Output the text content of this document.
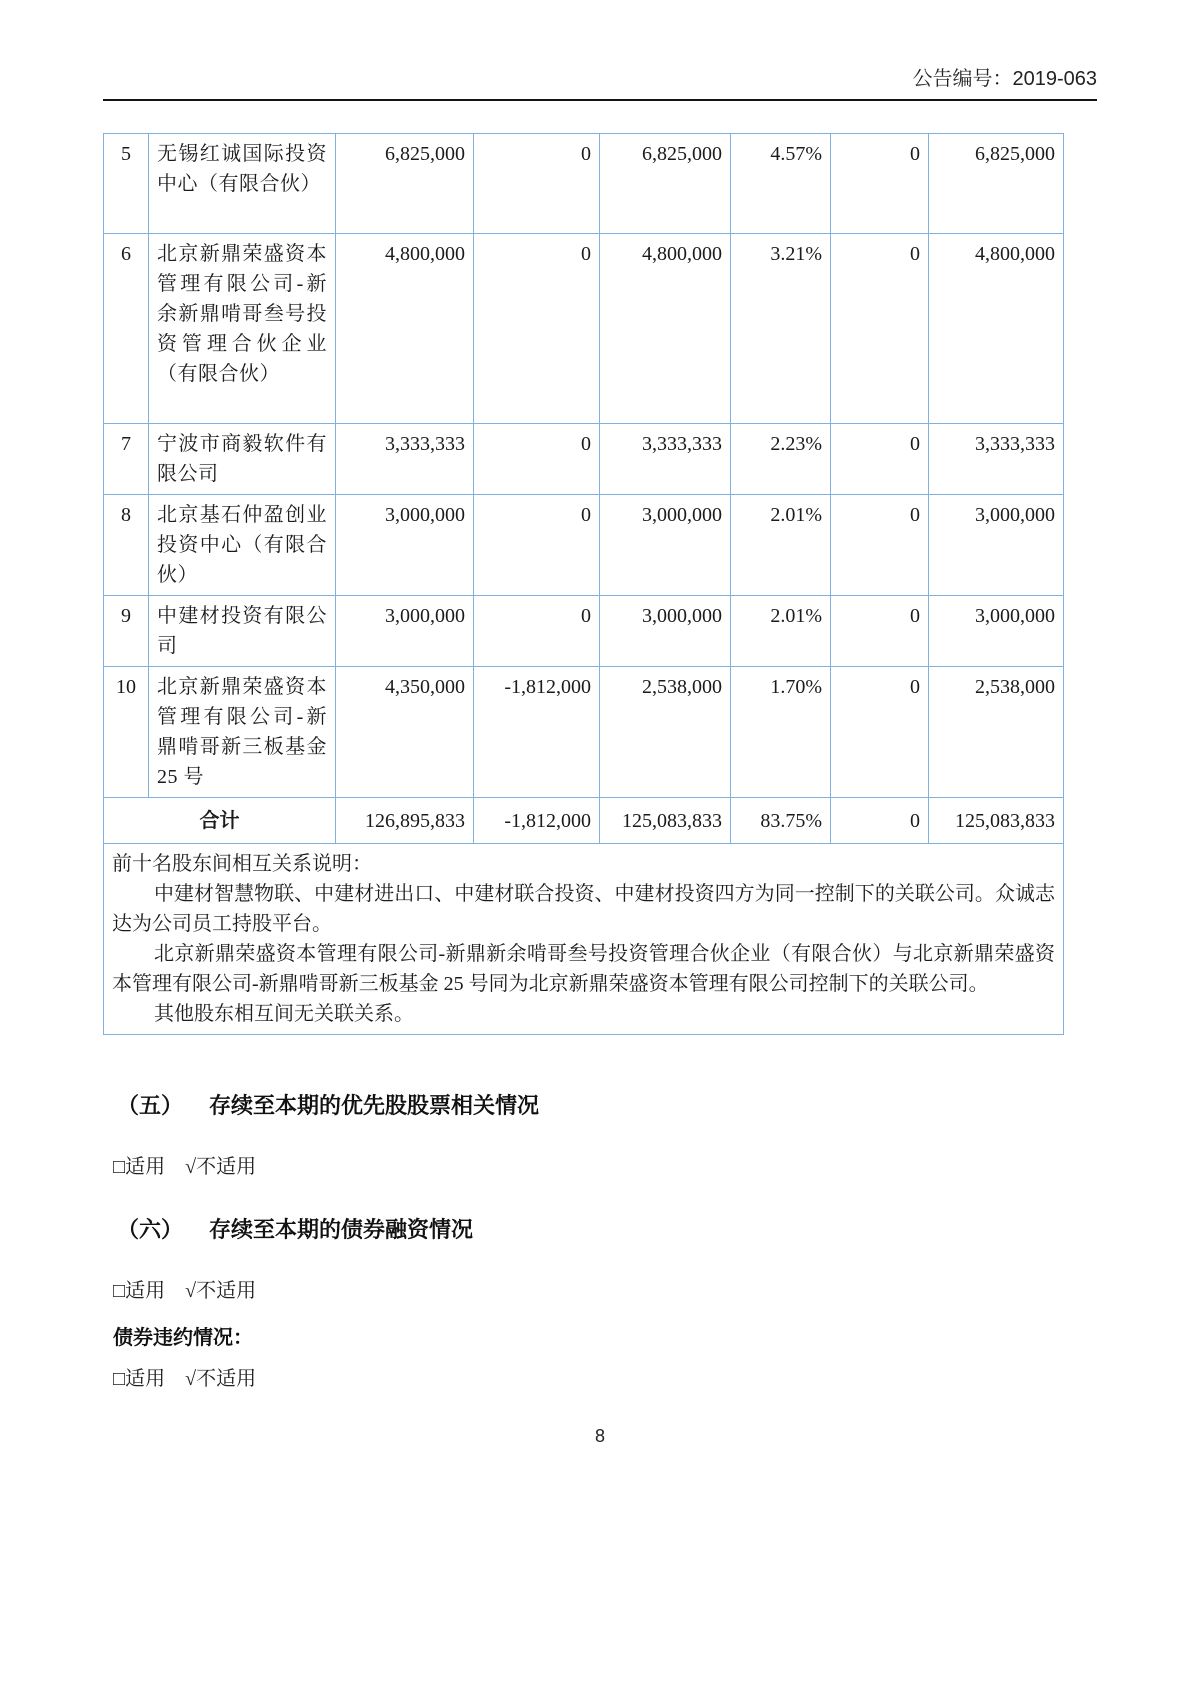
公告编号：2019-063
5	无锡红诚国际投资中心（有限合伙）	6,825,000	0	6,825,000	4.57%	0	6,825,000
6	北京新鼎荣盛资本管理有限公司-新余新鼎啃哥叁号投资管理合伙企业（有限合伙）	4,800,000	0	4,800,000	3.21%	0	4,800,000
7	宁波市商毅软件有限公司	3,333,333	0	3,333,333	2.23%	0	3,333,333
8	北京基石仲盈创业投资中心（有限合伙）	3,000,000	0	3,000,000	2.01%	0	3,000,000
9	中建材投资有限公司	3,000,000	0	3,000,000	2.01%	0	3,000,000
10	北京新鼎荣盛资本管理有限公司-新鼎啃哥新三板基金 25 号	4,350,000	-1,812,000	2,538,000	1.70%	0	2,538,000
合计		126,895,833	-1,812,000	125,083,833	83.75%	0	125,083,833

前十名股东间相互关系说明：

中建材智慧物联、中建材进出口、中建材联合投资、中建材投资四方为同一控制下的关联公司。众诚志达为公司员工持股平台。

北京新鼎荣盛资本管理有限公司-新鼎新余啃哥叁号投资管理合伙企业（有限合伙）与北京新鼎荣盛资本管理有限公司-新鼎啃哥新三板基金 25 号同为北京新鼎荣盛资本管理有限公司控制下的关联公司。

其他股东相互间无关联关系。							

（五） 存续至本期的优先股股票相关情况
□适用 √不适用
（六） 存续至本期的债券融资情况
□适用 √不适用
债券违约情况：
□适用 √不适用
8
